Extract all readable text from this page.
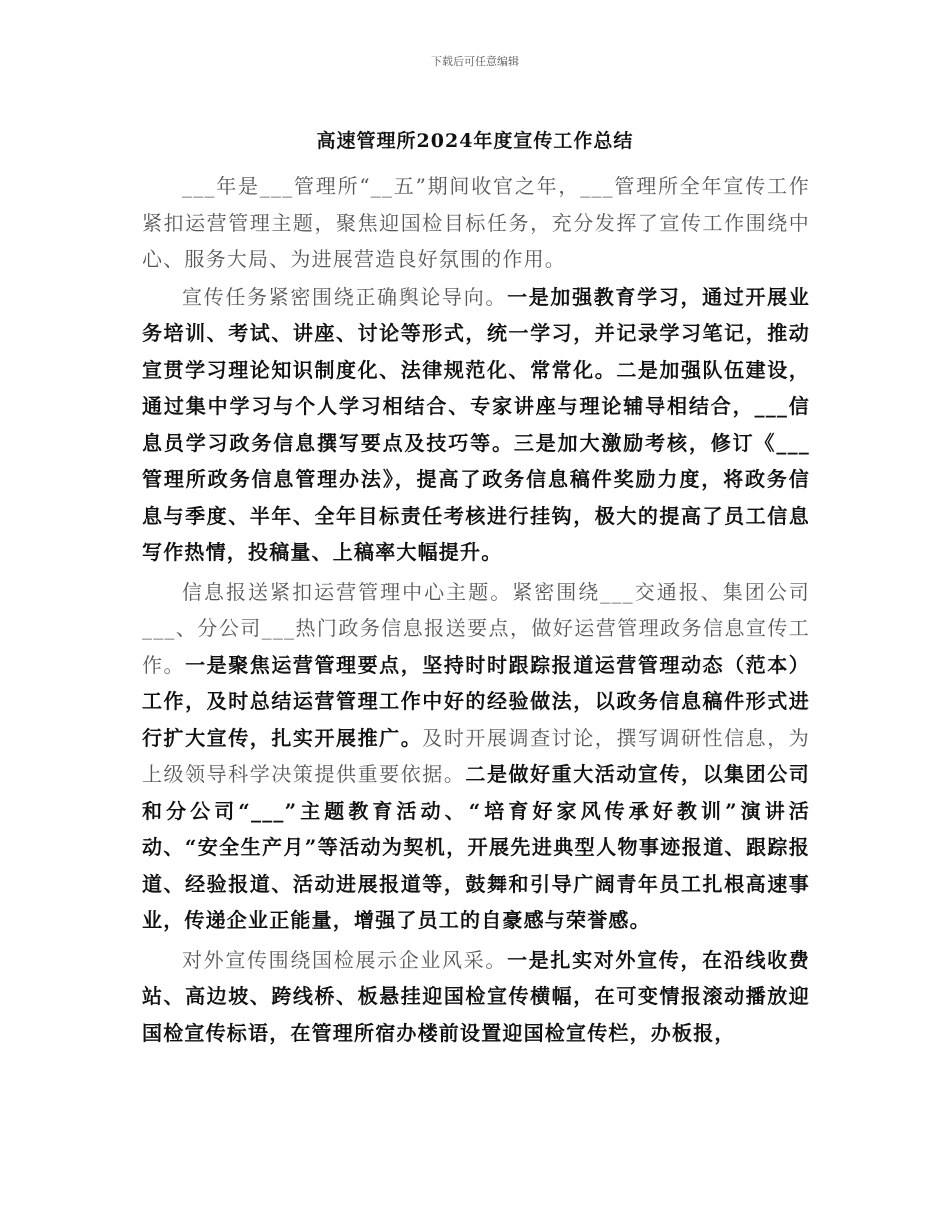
下载后可任意编辑
高速管理所2024年度宣传工作总结

___年是___管理所“__五”期间收官之年，___管理所全年宣传工作紧扣运营管理主题，聚焦迎国检目标任务，充分发挥了宣传工作围绕中心、服务大局、为进展营造良好氛围的作用。

宣传任务紧密围绕正确舆论导向。一是加强教育学习，通过开展业务培训、考试、讲座、讨论等形式，统一学习，并记录学习笔记，推动宣贯学习理论知识制度化、法律规范化、常常化。二是加强队伍建设，通过集中学习与个人学习相结合、专家讲座与理论辅导相结合，___信息员学习政务信息撰写要点及技巧等。三是加大激励考核，修订《___管理所政务信息管理办法》，提高了政务信息稿件奖励力度，将政务信息与季度、半年、全年目标责任考核进行挂钩，极大的提高了员工信息写作热情，投稿量、上稿率大幅提升。

信息报送紧扣运营管理中心主题。紧密围绕___交通报、集团公司___、分公司___热门政务信息报送要点，做好运营管理政务信息宣传工作。一是聚焦运营管理要点，坚持时时跟踪报道运营管理动态（范本）工作，及时总结运营管理工作中好的经验做法，以政务信息稿件形式进行扩大宣传，扎实开展推广。及时开展调查讨论，撰写调研性信息，为上级领导科学决策提供重要依据。二是做好重大活动宣传，以集团公司和分公司“___”主题教育活动、“培育好家风传承好教训”演讲活动、“安全生产月”等活动为契机，开展先进典型人物事迹报道、跟踪报道、经验报道、活动进展报道等，鼓舞和引导广阔青年员工扎根高速事业，传递企业正能量，增强了员工的自豪感与荣誉感。

对外宣传围绕国检展示企业风采。一是扎实对外宣传，在沿线收费站、高边坡、跨线桥、板悬挂迎国检宣传横幅，在可变情报滚动播放迎国检宣传标语，在管理所宿办楼前设置迎国检宣传栏，办板报，
